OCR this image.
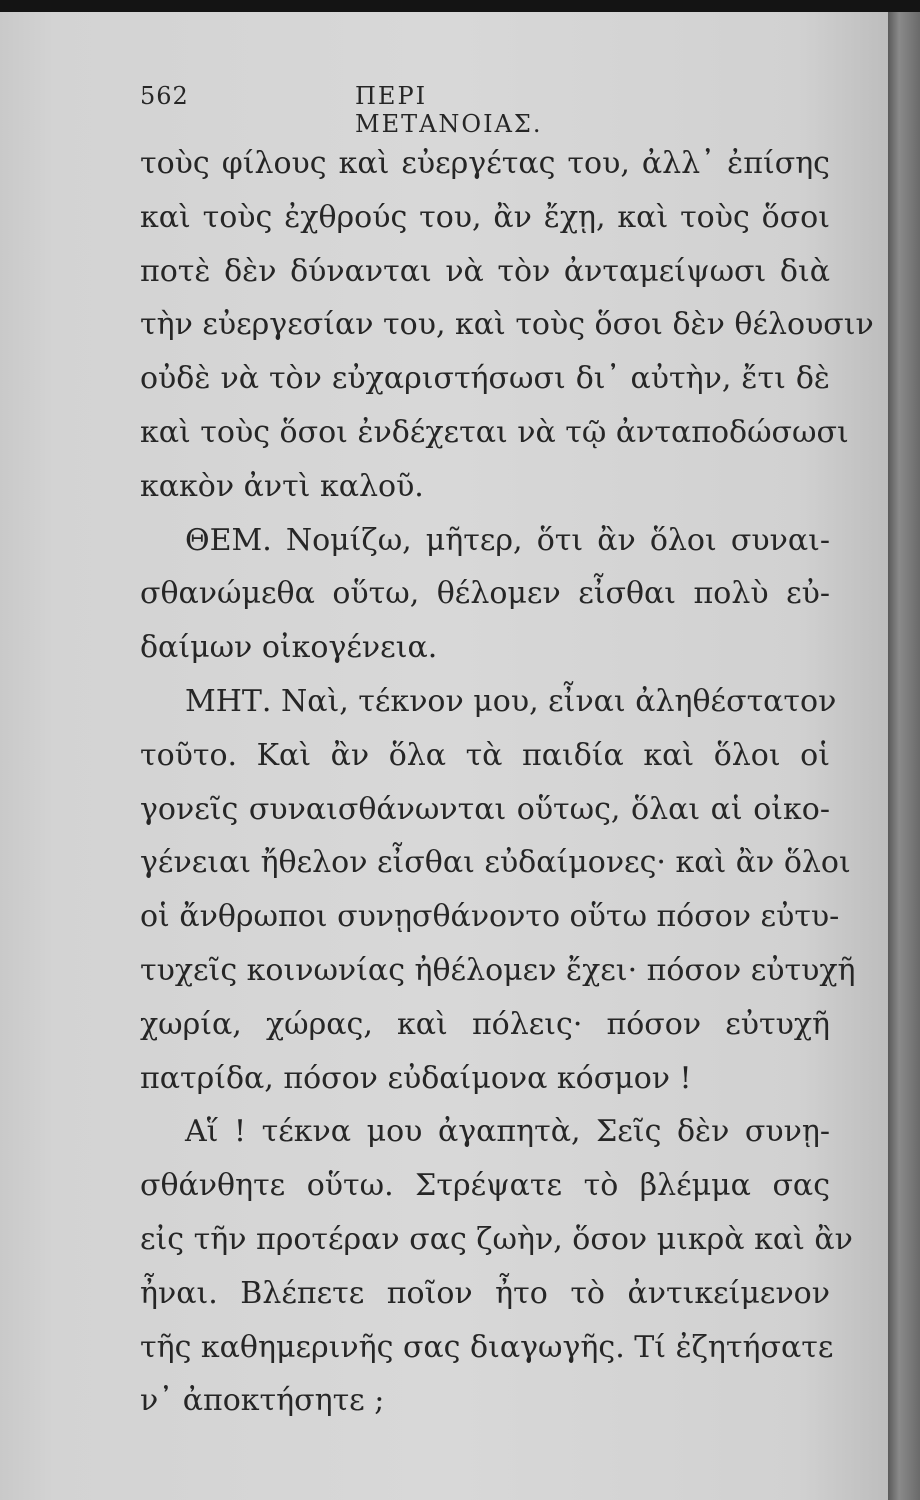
562	ΠΕΡΙ ΜΕΤΑΝΟΙΑΣ.
τοὺς φίλους καὶ εὐεργέτας του, ἀλλ᾽ ἐπίσης
καὶ τοὺς ἐχθρούς του, ἂν ἔχῃ, καὶ τοὺς ὅσοι
ποτὲ δὲν δύνανται νὰ τὸν ἀνταμείψωσι διὰ
τὴν εὐεργεσίαν του, καὶ τοὺς ὅσοι δὲν θέλουσιν
οὐδὲ νὰ τὸν εὐχαριστήσωσι δι᾽ αὐτὴν, ἔτι δὲ
καὶ τοὺς ὅσοι ἐνδέχεται νὰ τῷ ἀνταποδώσωσι
κακὸν ἀντὶ καλοῦ.
ΘΕΜ. Νομίζω, μῆτερ, ὅτι ἂν ὅλοι συναι-
σθανώμεθα οὕτω, θέλομεν εἶσθαι πολὺ εὐ-
δαίμων οἰκογένεια.
ΜΗΤ. Ναὶ, τέκνον μου, εἶναι ἀληθέστατον
τοῦτο. Καὶ ἂν ὅλα τὰ παιδία καὶ ὅλοι οἱ
γονεῖς συναισθάνωνται οὕτως, ὅλαι αἱ οἰκο-
γένειαι ἤθελον εἶσθαι εὐδαίμονες· καὶ ἂν ὅλοι
οἱ ἄνθρωποι συνῃσθάνοντο οὕτω πόσον εὐτυ-
τυχεῖς κοινωνίας ἠθέλομεν ἔχει· πόσον εὐτυχῆ
χωρία, χώρας, καὶ πόλεις· πόσον εὐτυχῆ
πατρίδα, πόσον εὐδαίμονα κόσμον !
Αἵ ! τέκνα μου ἀγαπητὰ, Σεῖς δὲν συνῃ-
σθάνθητε οὕτω. Στρέψατε τὸ βλέμμα σας
εἰς τῆν προτέραν σας ζωὴν, ὅσον μικρὰ καὶ ἂν
ἦναι. Βλέπετε ποῖον ἦτο τὸ ἀντικείμενον
τῆς καθημερινῆς σας διαγωγῆς. Τί ἐζητήσατε
ν᾽ ἀποκτήσητε ;
